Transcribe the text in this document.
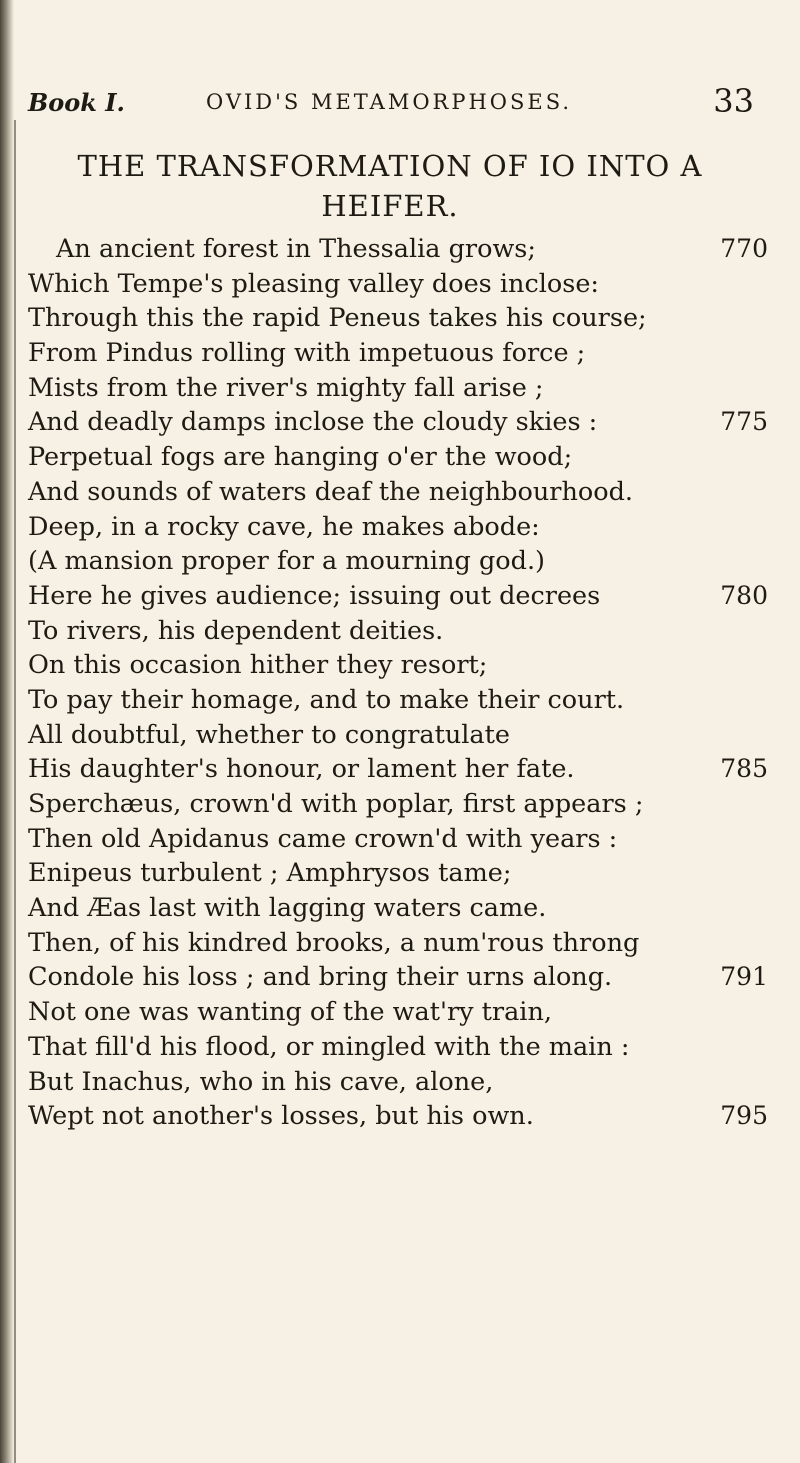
Book I.	OVID'S METAMORPHOSES.	33
THE TRANSFORMATION OF IO INTO A
HEIFER.
An ancient forest in Thessalia grows;	770
Which Tempe's pleasing valley does inclose:
Through this the rapid Peneus takes his course;
From Pindus rolling with impetuous force ;
Mists from the river's mighty fall arise ;
And deadly damps inclose the cloudy skies :	775
Perpetual fogs are hanging o'er the wood;
And sounds of waters deaf the neighbourhood.
Deep, in a rocky cave, he makes abode:
(A mansion proper for a mourning god.)
Here he gives audience; issuing out decrees	780
To rivers, his dependent deities.
On this occasion hither they resort;
To pay their homage, and to make their court.
All doubtful, whether to congratulate
His daughter's honour, or lament her fate.	785
Sperchæus, crown'd with poplar, first appears ;
Then old Apidanus came crown'd with years :
Enipeus turbulent ; Amphrysos tame;
And Æas last with lagging waters came.
Then, of his kindred brooks, a num'rous throng
Condole his loss ; and bring their urns along.	791
Not one was wanting of the wat'ry train,
That fill'd his flood, or mingled with the main :
But Inachus, who in his cave, alone,
Wept not another's losses, but his own.	795
